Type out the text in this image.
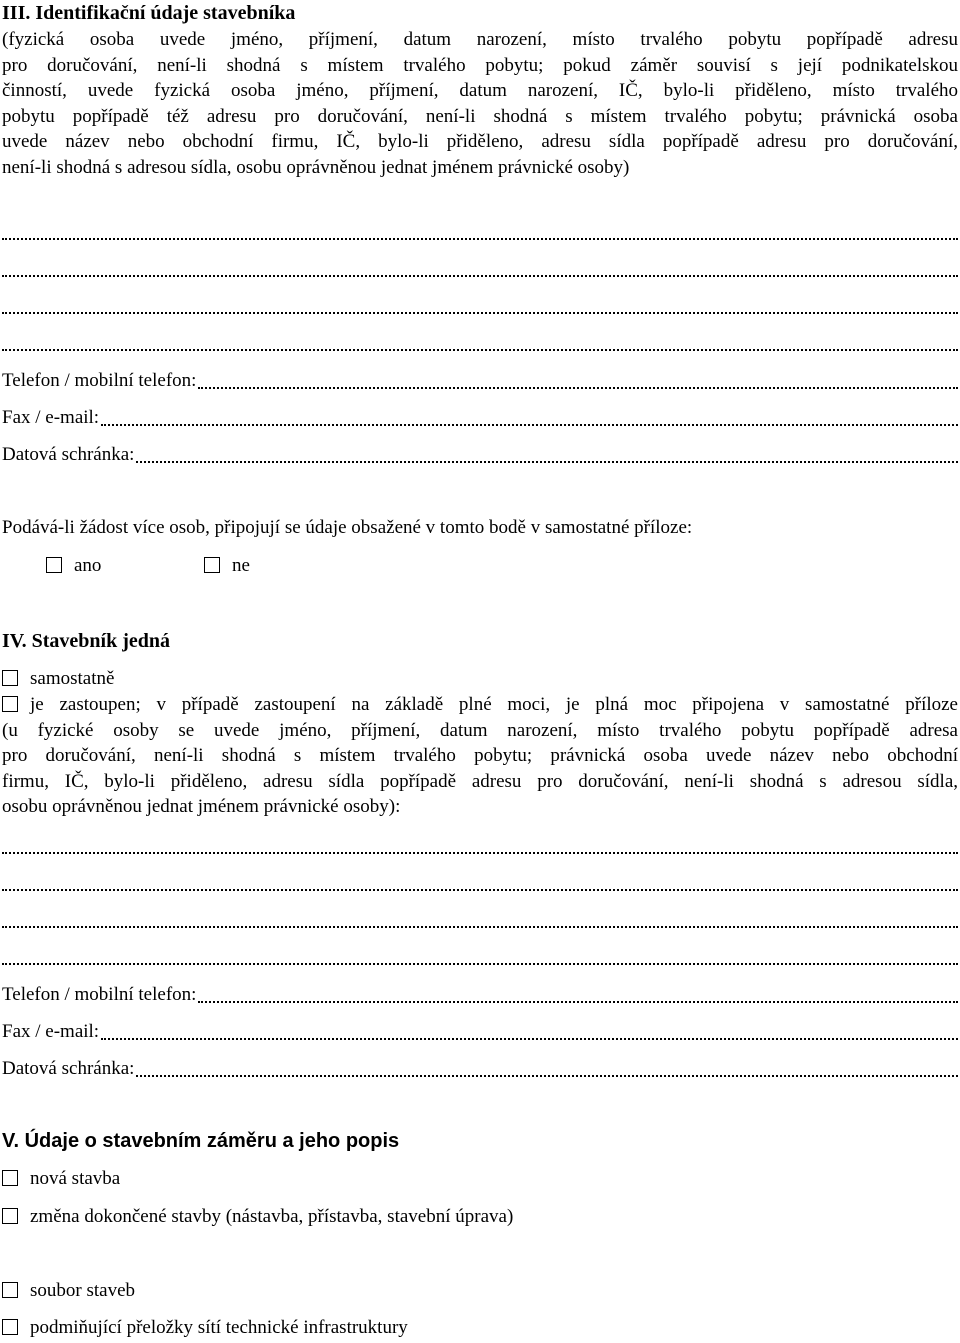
III. Identifikační údaje stavebníka
(fyzická osoba uvede jméno, příjmení, datum narození, místo trvalého pobytu popřípadě adresu
pro doručování, není-li shodná s místem trvalého pobytu; pokud záměr souvisí s její podnikatelskou
činností, uvede fyzická osoba jméno, příjmení, datum narození, IČ, bylo-li přiděleno, místo trvalého
pobytu popřípadě též adresu pro doručování, není-li shodná s místem trvalého pobytu; právnická osoba
uvede název nebo obchodní firmu, IČ, bylo-li přiděleno, adresu sídla popřípadě adresu pro doručování,
není-li shodná s adresou sídla, osobu oprávněnou jednat jménem právnické osoby)
Telefon / mobilní telefon:
Fax / e-mail:
Datová schránka:
Podává-li žádost více osob, připojují se údaje obsažené v tomto bodě v samostatné příloze:
ano	ne
IV. Stavebník jedná
samostatně
je zastoupen; v případě zastoupení na základě plné moci, je plná moc připojena v samostatné příloze
(u fyzické osoby se uvede jméno, příjmení, datum narození, místo trvalého pobytu popřípadě adresa
pro doručování, není-li shodná s místem trvalého pobytu; právnická osoba uvede název nebo obchodní
firmu, IČ, bylo-li přiděleno, adresu sídla popřípadě adresu pro doručování, není-li shodná s adresou sídla,
osobu oprávněnou jednat jménem právnické osoby):
Telefon / mobilní telefon:
Fax / e-mail:
Datová schránka:
V. Údaje o stavebním záměru a jeho popis
nová stavba
změna dokončené stavby (nástavba, přístavba, stavební úprava)
soubor staveb
podmiňující přeložky sítí technické infrastruktury
